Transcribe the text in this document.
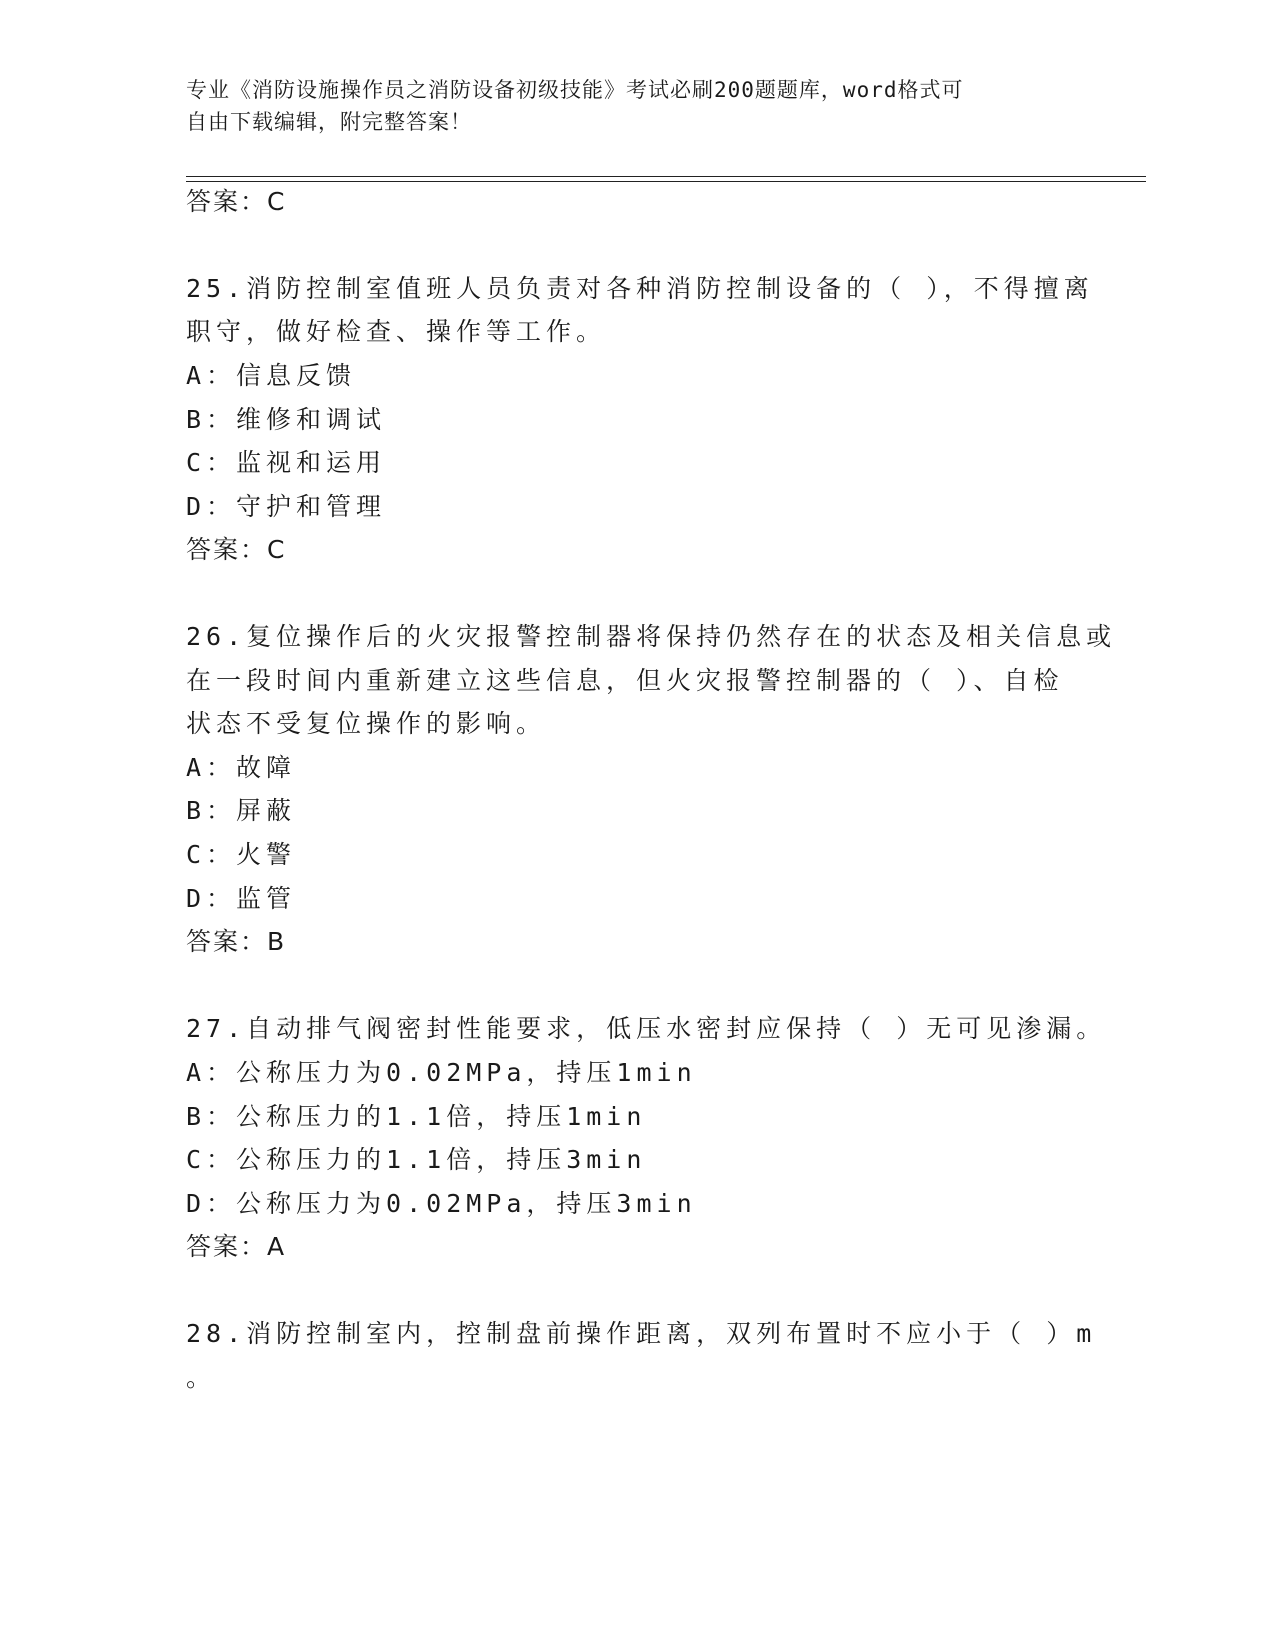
专业《消防设施操作员之消防设备初级技能》考试必刷200题题库，word格式可
自由下载编辑，附完整答案！
答案：C
25.消防控制室值班人员负责对各种消防控制设备的（ ），不得擅离
职守，做好检查、操作等工作。
A：信息反馈
B：维修和调试
C：监视和运用
D：守护和管理
答案：C
26.复位操作后的火灾报警控制器将保持仍然存在的状态及相关信息或
在一段时间内重新建立这些信息，但火灾报警控制器的（ ）、自检
状态不受复位操作的影响。
A：故障
B：屏蔽
C：火警
D：监管
答案：B
27.自动排气阀密封性能要求，低压水密封应保持（ ）无可见渗漏。
A：公称压力为0.02MPa，持压1min
B：公称压力的1.1倍，持压1min
C：公称压力的1.1倍，持压3min
D：公称压力为0.02MPa，持压3min
答案：A
28.消防控制室内，控制盘前操作距离，双列布置时不应小于（ ）m
。
